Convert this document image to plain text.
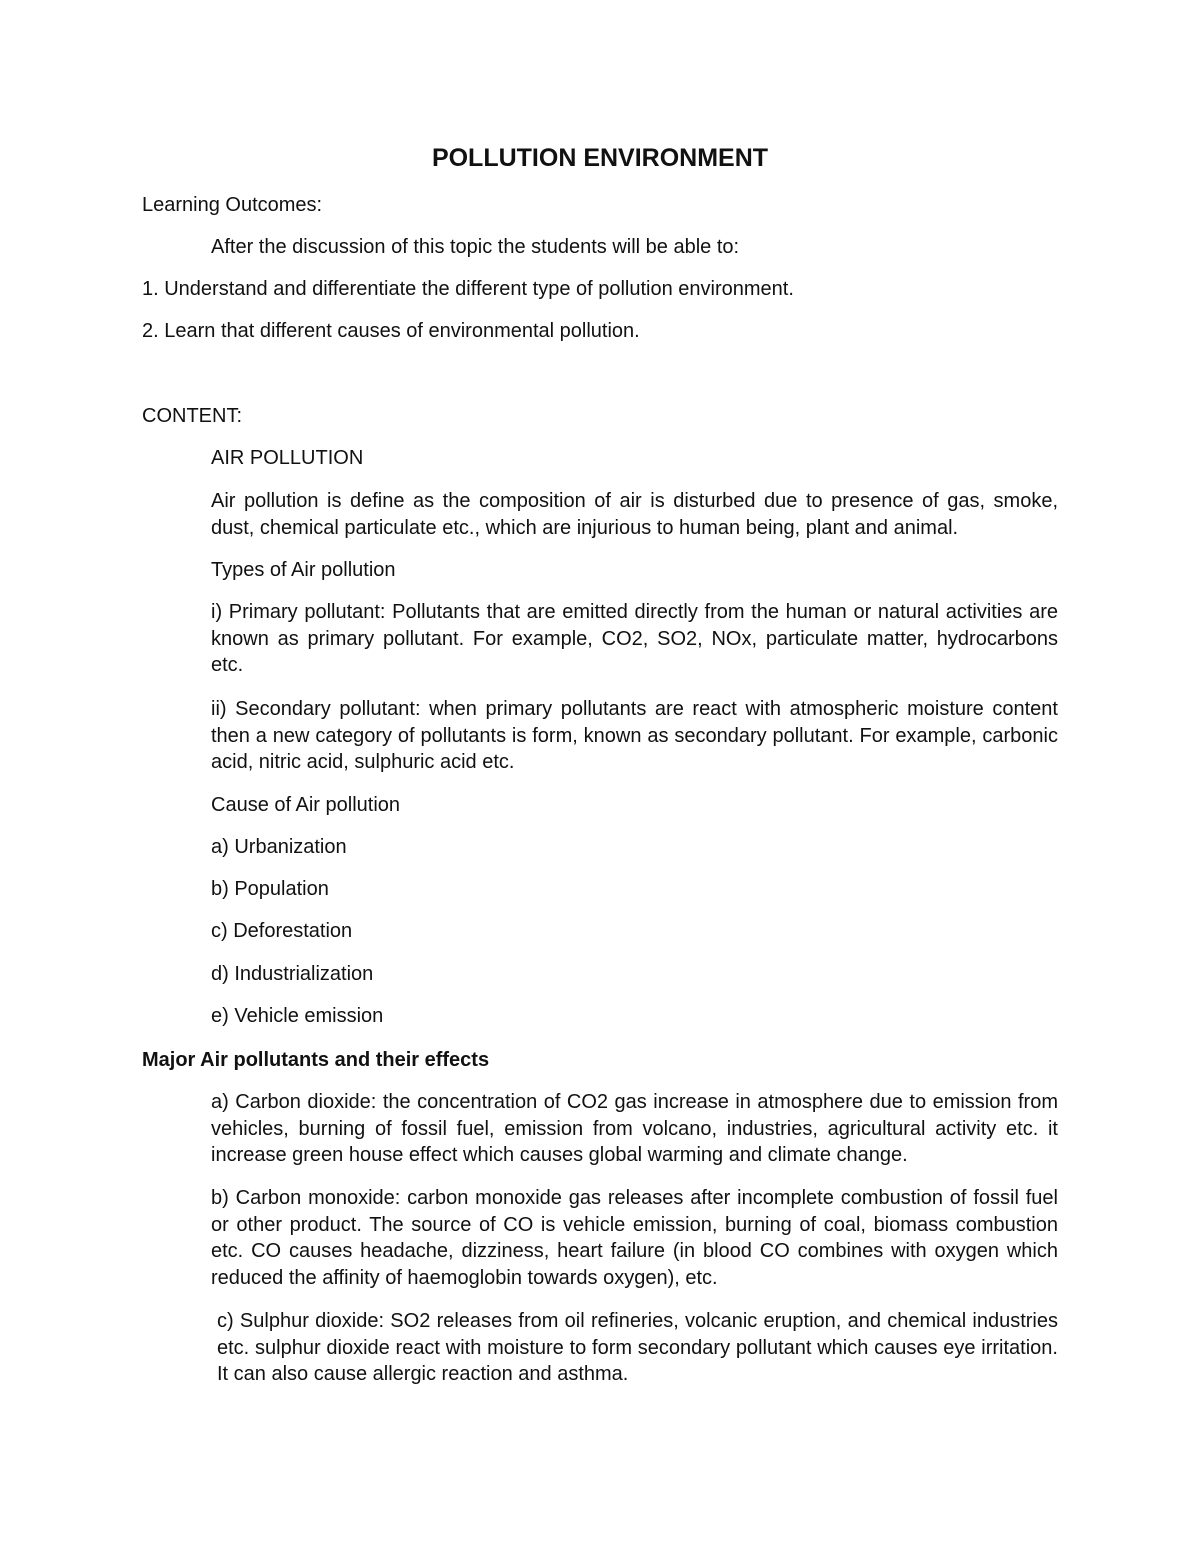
POLLUTION ENVIRONMENT
Learning Outcomes:
After the discussion of this topic the students will be able to:
1. Understand and differentiate the different type of pollution environment.
2. Learn that different causes of environmental pollution.
CONTENT:
AIR POLLUTION
Air pollution is define as the composition of air is disturbed due to presence of gas, smoke, dust, chemical particulate etc., which are injurious to human being, plant and animal.
Types of Air pollution
i) Primary pollutant: Pollutants that are emitted directly from the human or natural activities are known as primary pollutant. For example, CO2, SO2, NOx, particulate matter, hydrocarbons etc.
ii) Secondary pollutant: when primary pollutants are react with atmospheric moisture content then a new category of pollutants is form, known as secondary pollutant. For example, carbonic acid, nitric acid, sulphuric acid etc.
Cause of Air pollution
a) Urbanization
b) Population
c) Deforestation
d) Industrialization
e) Vehicle emission
Major Air pollutants and their effects
a) Carbon dioxide: the concentration of CO2 gas increase in atmosphere due to emission from vehicles, burning of fossil fuel, emission from volcano, industries, agricultural activity etc. it increase green house effect which causes global warming and climate change.
b) Carbon monoxide: carbon monoxide gas releases after incomplete combustion of fossil fuel or other product. The source of CO is vehicle emission, burning of coal, biomass combustion etc. CO causes headache, dizziness, heart failure (in blood CO combines with oxygen which reduced the affinity of haemoglobin towards oxygen), etc.
c) Sulphur dioxide: SO2 releases from oil refineries, volcanic eruption, and chemical industries etc. sulphur dioxide react with moisture to form secondary pollutant which causes eye irritation. It can also cause allergic reaction and asthma.
